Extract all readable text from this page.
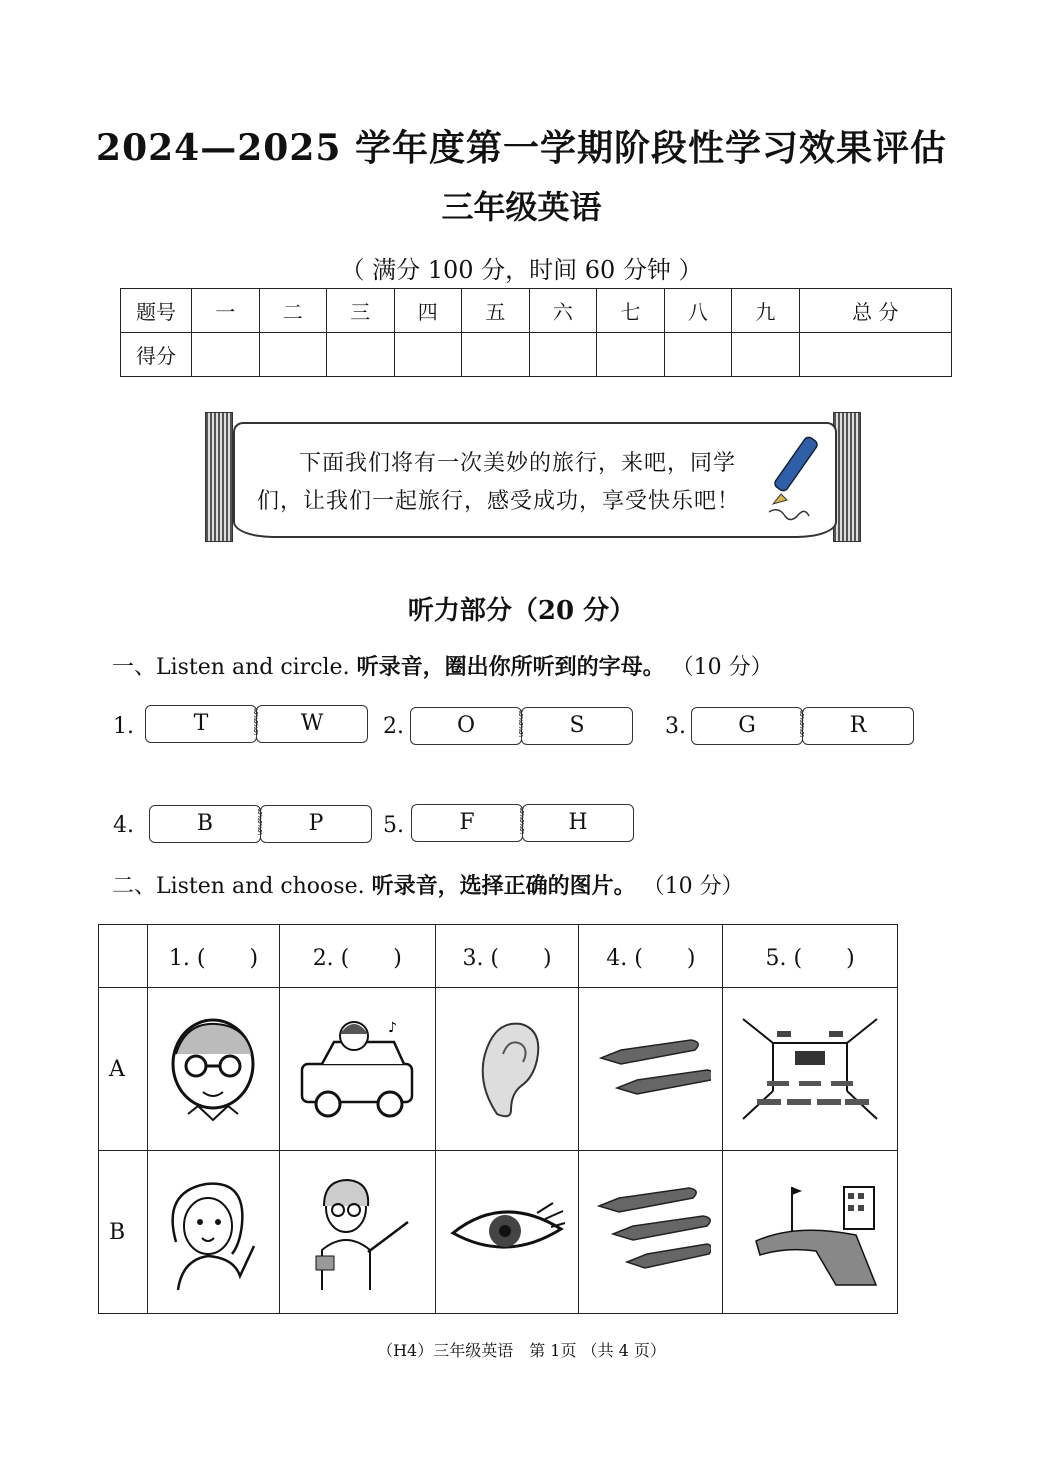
2024—2025 学年度第一学期阶段性学习效果评估
三年级英语
（ 满分 100 分，时间 60 分钟 ）
题号	一	二	三	四	五	六	七	八	九	总 分
得分										
下面我们将有一次美妙的旅行，来吧，同学
们，让我们一起旅行，感受成功，享受快乐吧！
听力部分（20 分）
一、Listen and circle. 听录音，圈出你所听到的字母。 （10 分）
1.	T	W
§
§
§	2.	O	S
§
§
§	3.	G	R
§
§
§
4.	B	P
§
§
§	5.	F	H
§
§
§
二、Listen and choose. 听录音，选择正确的图片。 （10 分）
	1. (　　)	2. (　　)	3. (　　)	4. (　　)	5. (　　)
A		♪

B	

（H4）三年级英语　第 1页 （共 4 页）
